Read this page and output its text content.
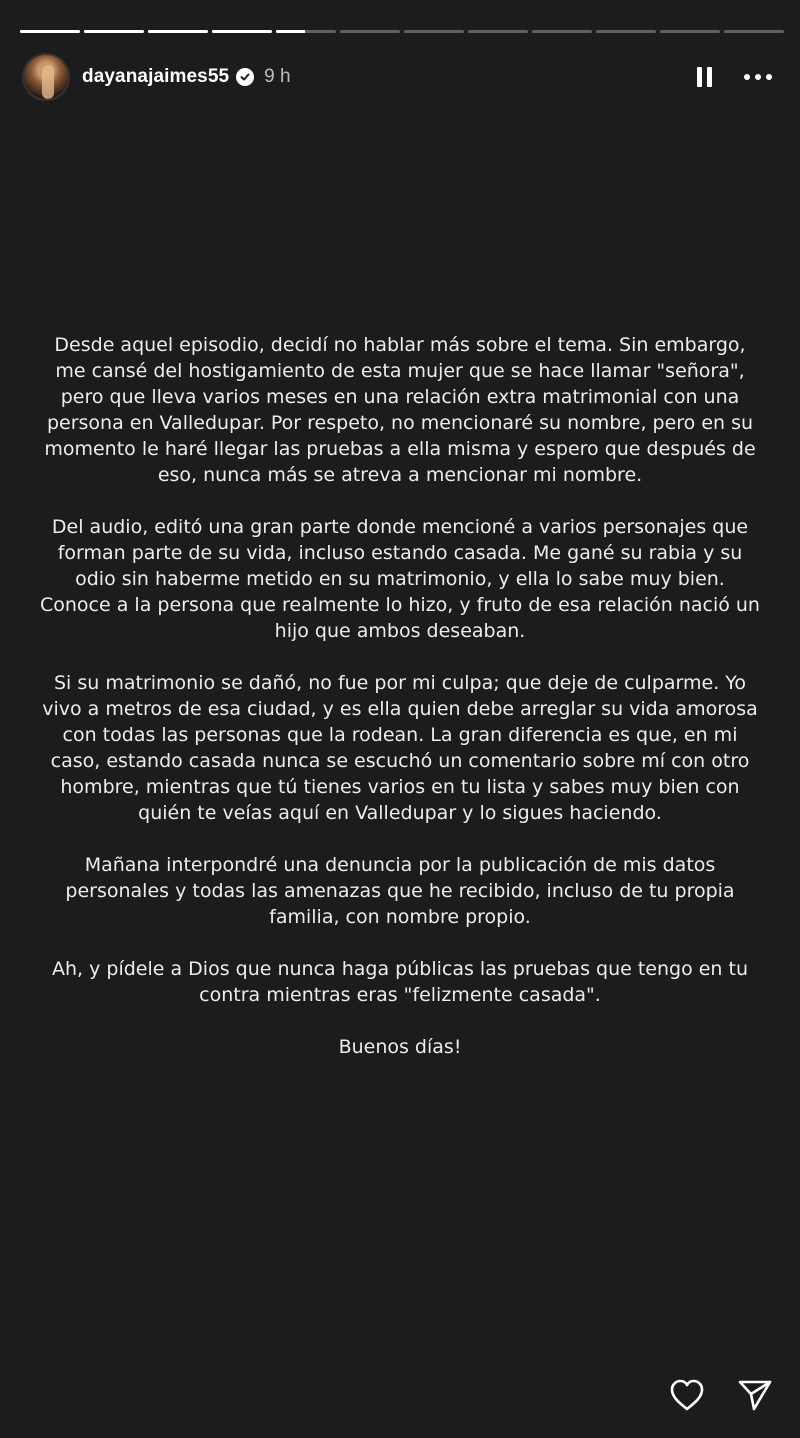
dayanajaimes55 9 h

Desde aquel episodio, decidí no hablar más sobre el tema. Sin embargo, me cansé del hostigamiento de esta mujer que se hace llamar "señora", pero que lleva varios meses en una relación extra matrimonial con una persona en Valledupar. Por respeto, no mencionaré su nombre, pero en su momento le haré llegar las pruebas a ella misma y espero que después de eso, nunca más se atreva a mencionar mi nombre.

Del audio, editó una gran parte donde mencioné a varios personajes que forman parte de su vida, incluso estando casada. Me gané su rabia y su odio sin haberme metido en su matrimonio, y ella lo sabe muy bien. Conoce a la persona que realmente lo hizo, y fruto de esa relación nació un hijo que ambos deseaban.

Si su matrimonio se dañó, no fue por mi culpa; que deje de culparme. Yo vivo a metros de esa ciudad, y es ella quien debe arreglar su vida amorosa con todas las personas que la rodean. La gran diferencia es que, en mi caso, estando casada nunca se escuchó un comentario sobre mí con otro hombre, mientras que tú tienes varios en tu lista y sabes muy bien con quién te veías aquí en Valledupar y lo sigues haciendo.

Mañana interpondré una denuncia por la publicación de mis datos personales y todas las amenazas que he recibido, incluso de tu propia familia, con nombre propio.

Ah, y pídele a Dios que nunca haga públicas las pruebas que tengo en tu contra mientras eras "felizmente casada".

Buenos días!
